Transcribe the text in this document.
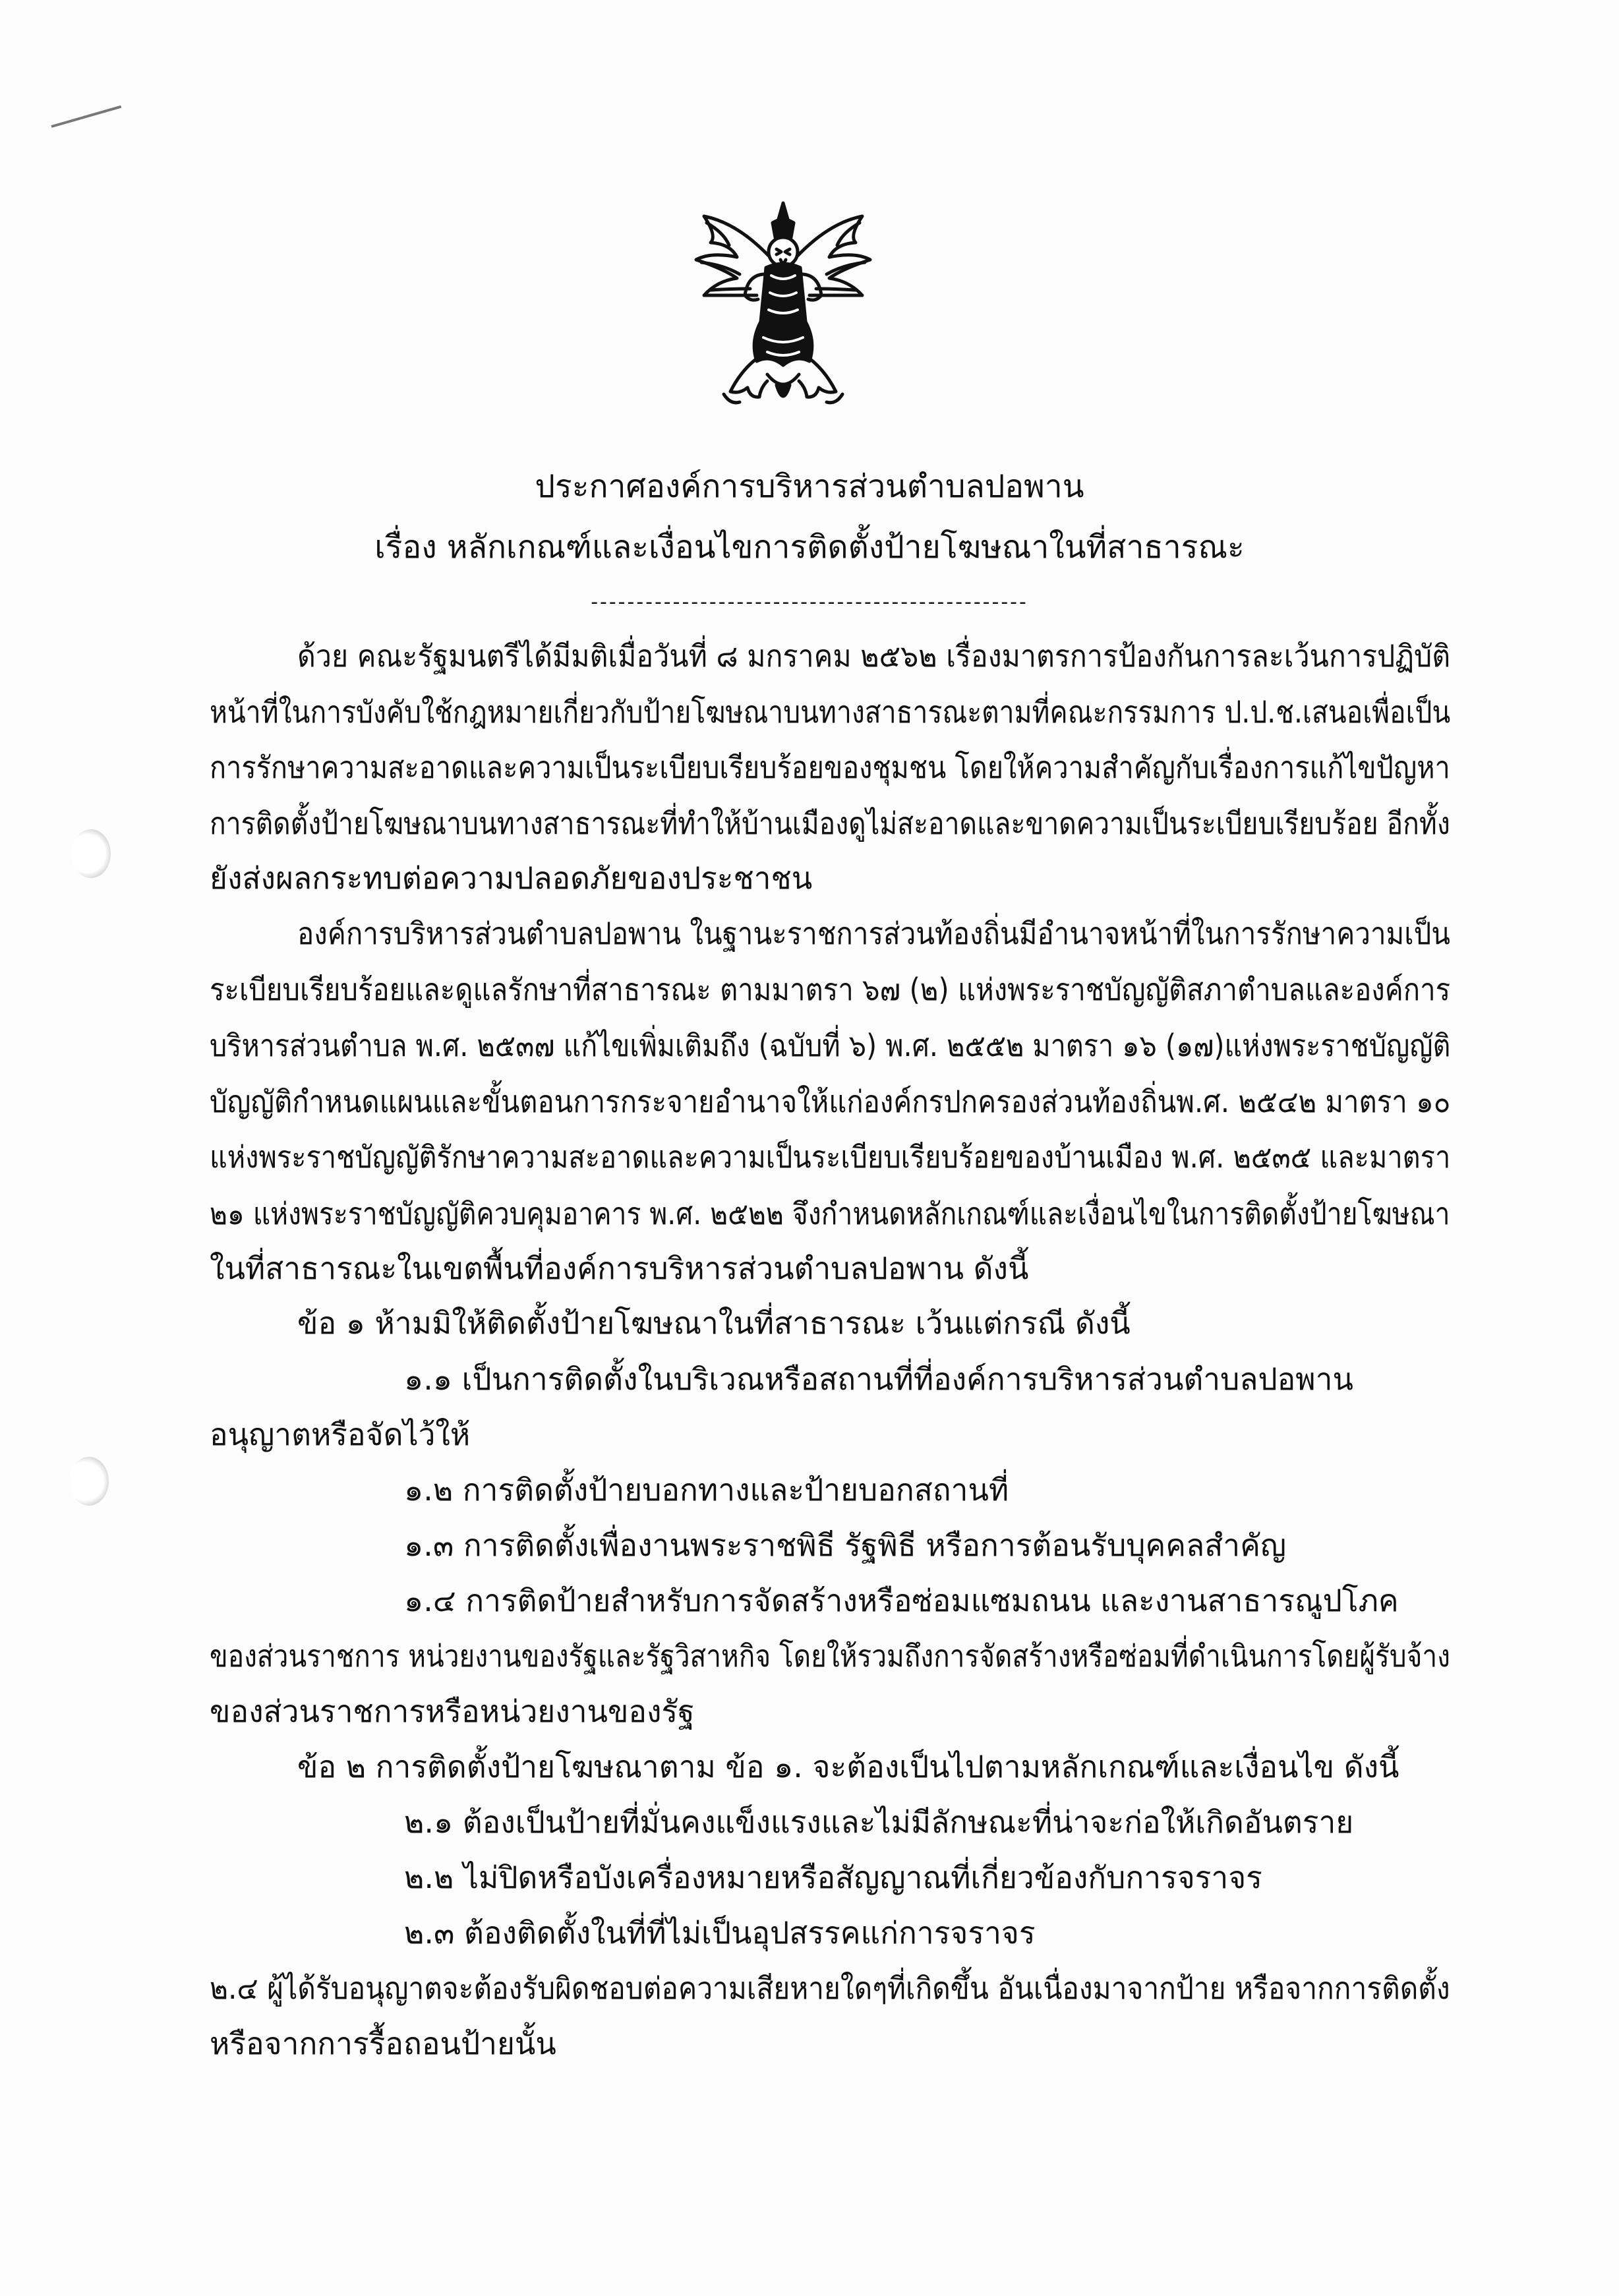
ประกาศองค์การบริหารส่วนตำบลปอพาน
เรื่อง หลักเกณฑ์และเงื่อนไขการติดตั้งป้ายโฆษณาในที่สาธารณะ
------------------------------------------------
ด้วย คณะรัฐมนตรีได้มีมติเมื่อวันที่ ๘ มกราคม ๒๕๖๒ เรื่องมาตรการป้องกันการละเว้นการปฏิบัติ
หน้าที่ในการบังคับใช้กฎหมายเกี่ยวกับป้ายโฆษณาบนทางสาธารณะตามที่คณะกรรมการ ป.ป.ช.เสนอเพื่อเป็น
การรักษาความสะอาดและความเป็นระเบียบเรียบร้อยของชุมชน โดยให้ความสำคัญกับเรื่องการแก้ไขปัญหา
การติดตั้งป้ายโฆษณาบนทางสาธารณะที่ทำให้บ้านเมืองดูไม่สะอาดและขาดความเป็นระเบียบเรียบร้อย อีกทั้ง
ยังส่งผลกระทบต่อความปลอดภัยของประชาชน
องค์การบริหารส่วนตำบลปอพาน ในฐานะราชการส่วนท้องถิ่นมีอำนาจหน้าที่ในการรักษาความเป็น
ระเบียบเรียบร้อยและดูแลรักษาที่สาธารณะ ตามมาตรา ๖๗ (๒) แห่งพระราชบัญญัติสภาตำบลและองค์การ
บริหารส่วนตำบล พ.ศ. ๒๕๓๗ แก้ไขเพิ่มเติมถึง (ฉบับที่ ๖) พ.ศ. ๒๕๕๒ มาตรา ๑๖ (๑๗)แห่งพระราชบัญญัติ
บัญญัติกำหนดแผนและขั้นตอนการกระจายอำนาจให้แก่องค์กรปกครองส่วนท้องถิ่นพ.ศ. ๒๕๔๒ มาตรา ๑๐
แห่งพระราชบัญญัติรักษาความสะอาดและความเป็นระเบียบเรียบร้อยของบ้านเมือง พ.ศ. ๒๕๓๕ และมาตรา
๒๑ แห่งพระราชบัญญัติควบคุมอาคาร พ.ศ. ๒๕๒๒ จึงกำหนดหลักเกณฑ์และเงื่อนไขในการติดตั้งป้ายโฆษณา
ในที่สาธารณะในเขตพื้นที่องค์การบริหารส่วนตำบลปอพาน ดังนี้
ข้อ ๑ ห้ามมิให้ติดตั้งป้ายโฆษณาในที่สาธารณะ เว้นแต่กรณี ดังนี้
๑.๑ เป็นการติดตั้งในบริเวณหรือสถานที่ที่องค์การบริหารส่วนตำบลปอพาน
อนุญาตหรือจัดไว้ให้
๑.๒ การติดตั้งป้ายบอกทางและป้ายบอกสถานที่
๑.๓ การติดตั้งเพื่องานพระราชพิธี รัฐพิธี หรือการต้อนรับบุคคลสำคัญ
๑.๔ การติดป้ายสำหรับการจัดสร้างหรือซ่อมแซมถนน และงานสาธารณูปโภค
ของส่วนราชการ หน่วยงานของรัฐและรัฐวิสาหกิจ โดยให้รวมถึงการจัดสร้างหรือซ่อมที่ดำเนินการโดยผู้รับจ้าง
ของส่วนราชการหรือหน่วยงานของรัฐ
ข้อ ๒ การติดตั้งป้ายโฆษณาตาม ข้อ ๑. จะต้องเป็นไปตามหลักเกณฑ์และเงื่อนไข ดังนี้
๒.๑ ต้องเป็นป้ายที่มั่นคงแข็งแรงและไม่มีลักษณะที่น่าจะก่อให้เกิดอันตราย
๒.๒ ไม่ปิดหรือบังเครื่องหมายหรือสัญญาณที่เกี่ยวข้องกับการจราจร
๒.๓ ต้องติดตั้งในที่ที่ไม่เป็นอุปสรรคแก่การจราจร
๒.๔ ผู้ได้รับอนุญาตจะต้องรับผิดชอบต่อความเสียหายใดๆที่เกิดขึ้น อันเนื่องมาจากป้าย หรือจากการติดตั้ง
หรือจากการรื้อถอนป้ายนั้น
